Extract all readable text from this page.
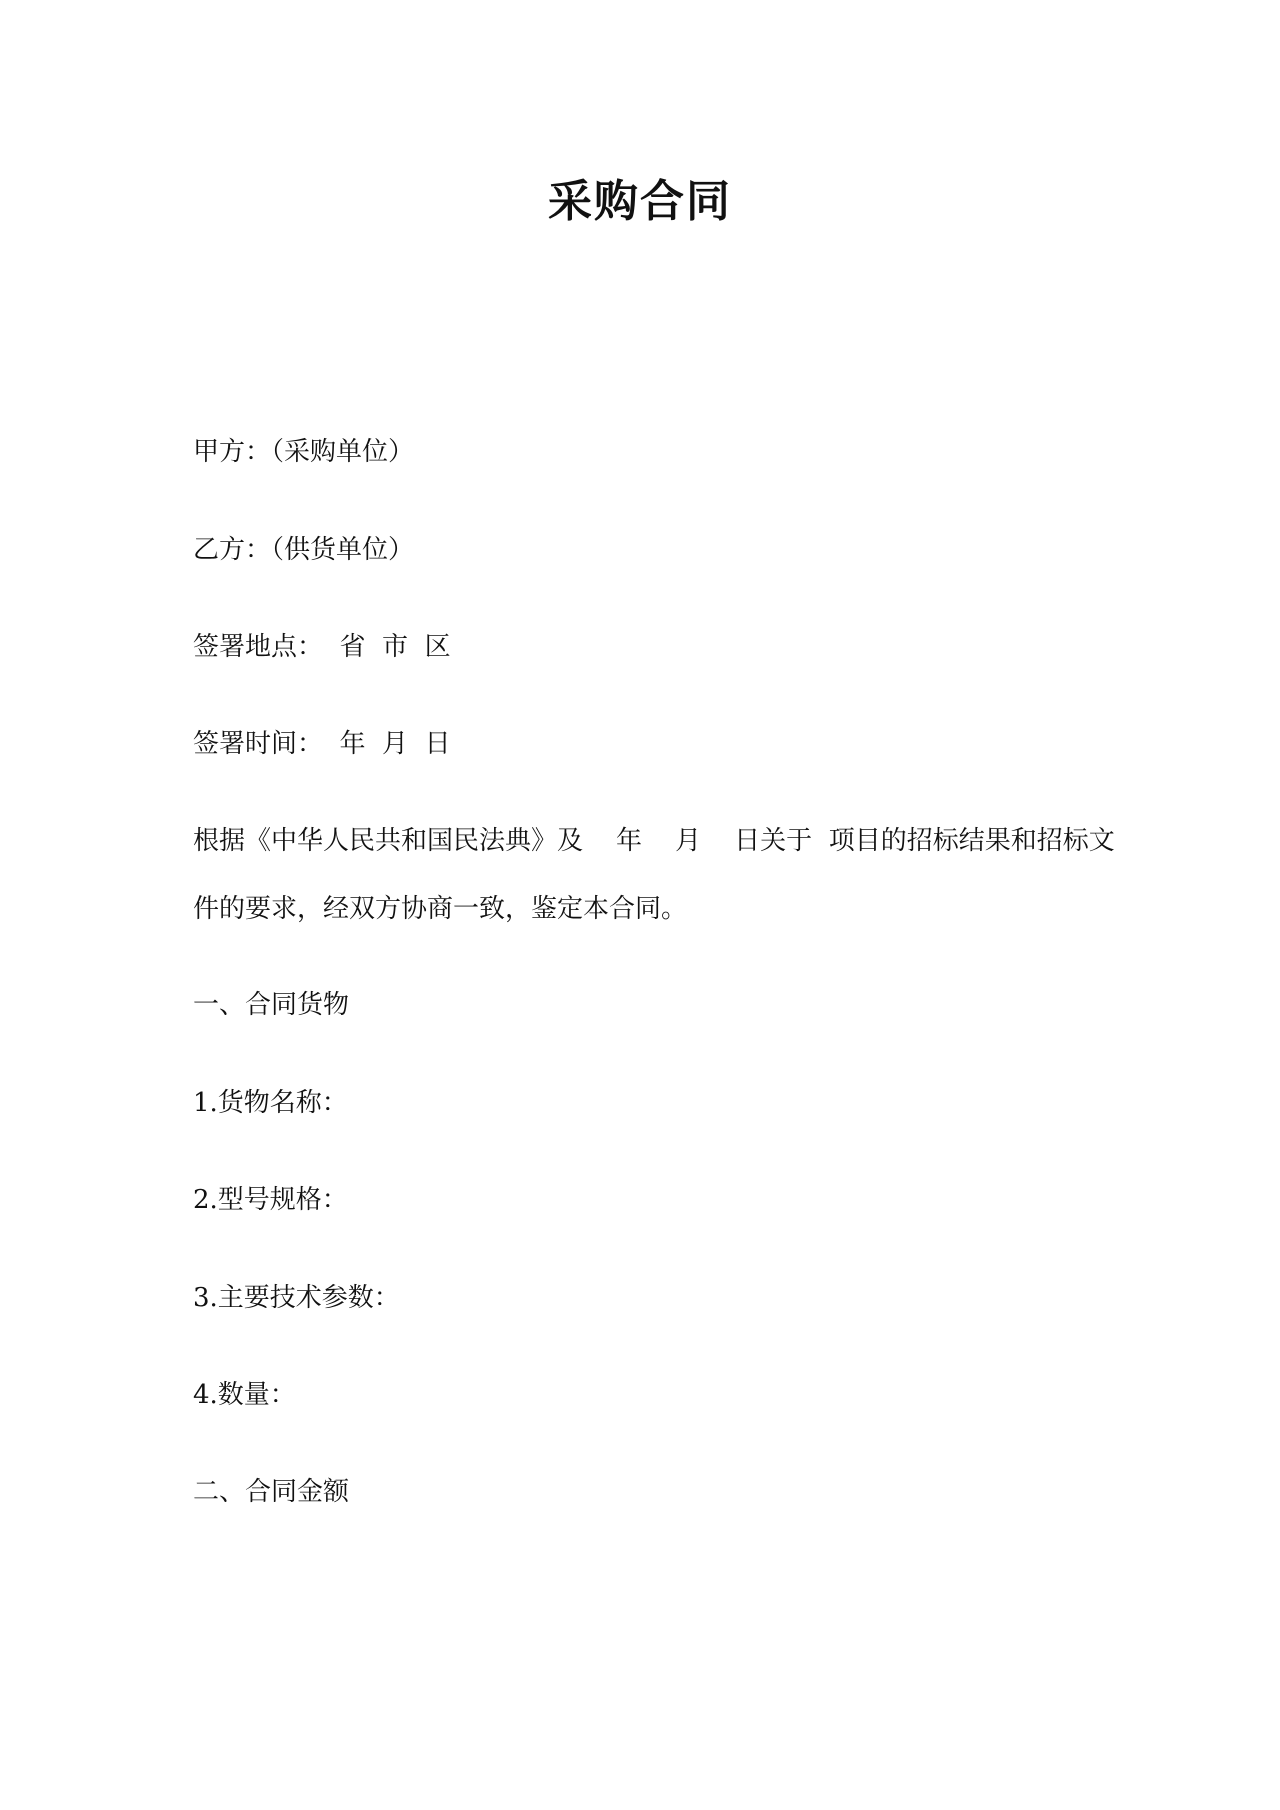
采购合同
甲方：（采购单位）
乙方：（供货单位）
签署地点：  省  市  区
签署时间：  年  月  日
根据《中华人民共和国民法典》及    年    月    日关于  项目的招标结果和招标文
件的要求，经双方协商一致，鉴定本合同。
一、合同货物
1.货物名称：
2.型号规格：
3.主要技术参数：
4.数量：
二、合同金额
